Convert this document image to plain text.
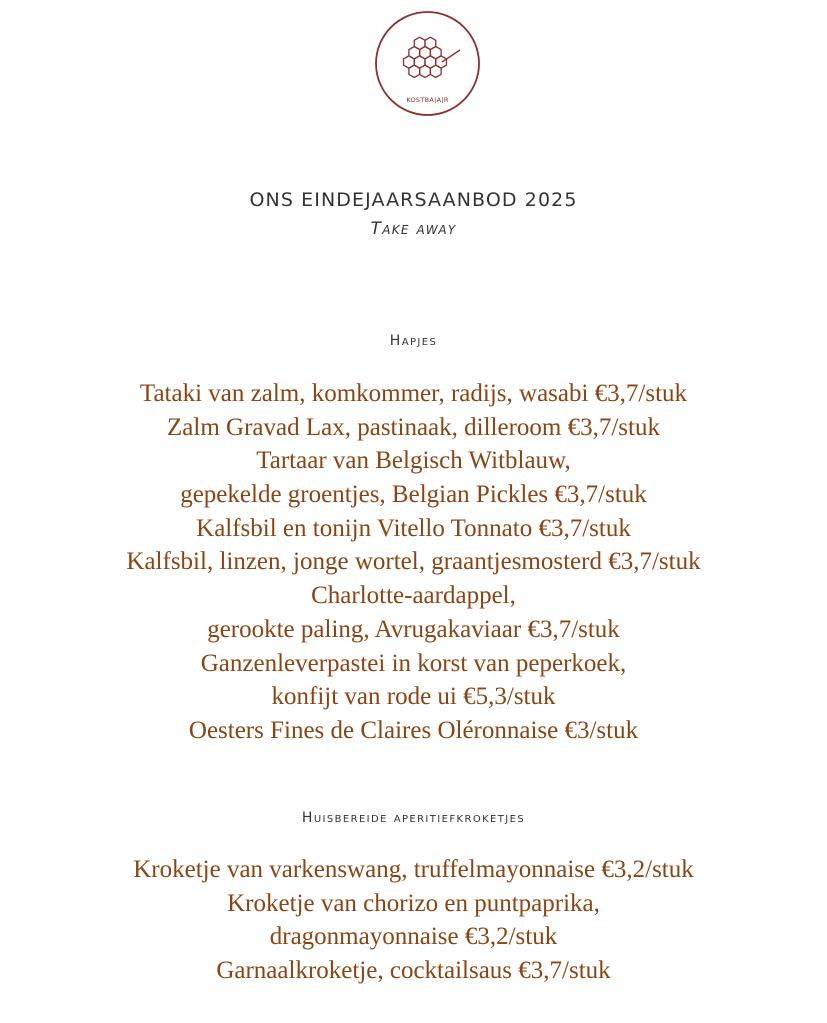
KOSTBA|A|R
ONS EINDEJAARSAANBOD 2025
Take away
Hapjes
Tataki van zalm, komkommer, radijs, wasabi €3,7/stuk
Zalm Gravad Lax, pastinaak, dilleroom €3,7/stuk
Tartaar van Belgisch Witblauw,
gepekelde groentjes, Belgian Pickles €3,7/stuk
Kalfsbil en tonijn Vitello Tonnato €3,7/stuk
Kalfsbil, linzen, jonge wortel, graantjesmosterd €3,7/stuk
Charlotte-aardappel,
gerookte paling, Avrugakaviaar €3,7/stuk
Ganzenleverpastei in korst van peperkoek,
konfijt van rode ui €5,3/stuk
Oesters Fines de Claires Oléronnaise €3/stuk
Huisbereide aperitiefkroketjes
Kroketje van varkenswang, truffelmayonnaise €3,2/stuk
Kroketje van chorizo en puntpaprika,
dragonmayonnaise €3,2/stuk
Garnaalkroketje, cocktailsaus €3,7/stuk
